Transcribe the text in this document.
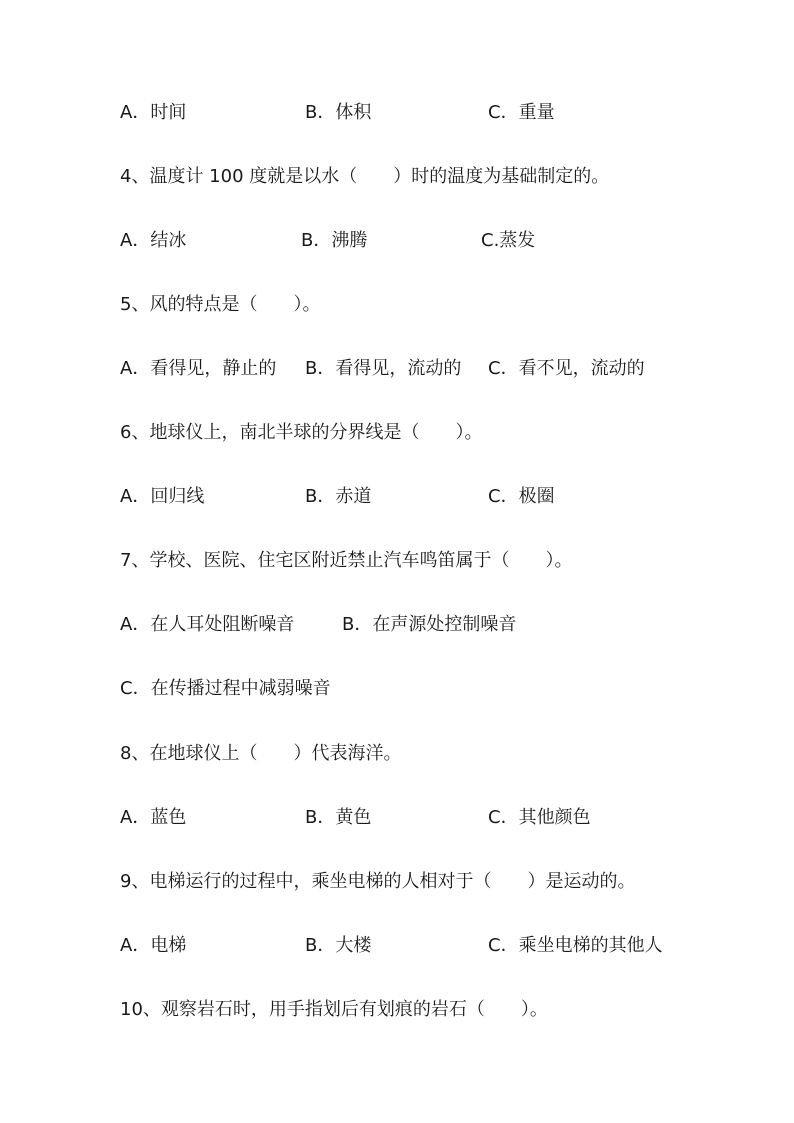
A．时间	B．体积	C．重量
4、温度计 100 度就是以水（　　）时的温度为基础制定的。
A．结冰	B．沸腾	C.蒸发
5、风的特点是（　　）。
A．看得见，静止的 B．看得见，流动的 C．看不见，流动的
6、地球仪上，南北半球的分界线是（　　）。
A．回归线	B．赤道	C．极圈
7、学校、医院、住宅区附近禁止汽车鸣笛属于（　　）。
A．在人耳处阻断噪音	B．在声源处控制噪音
C．在传播过程中减弱噪音
8、在地球仪上（　　）代表海洋。
A．蓝色	B．黄色	C．其他颜色
9、电梯运行的过程中，乘坐电梯的人相对于（　　）是运动的。
A．电梯	B．大楼	C．乘坐电梯的其他人
10、观察岩石时，用手指划后有划痕的岩石（　　）。
